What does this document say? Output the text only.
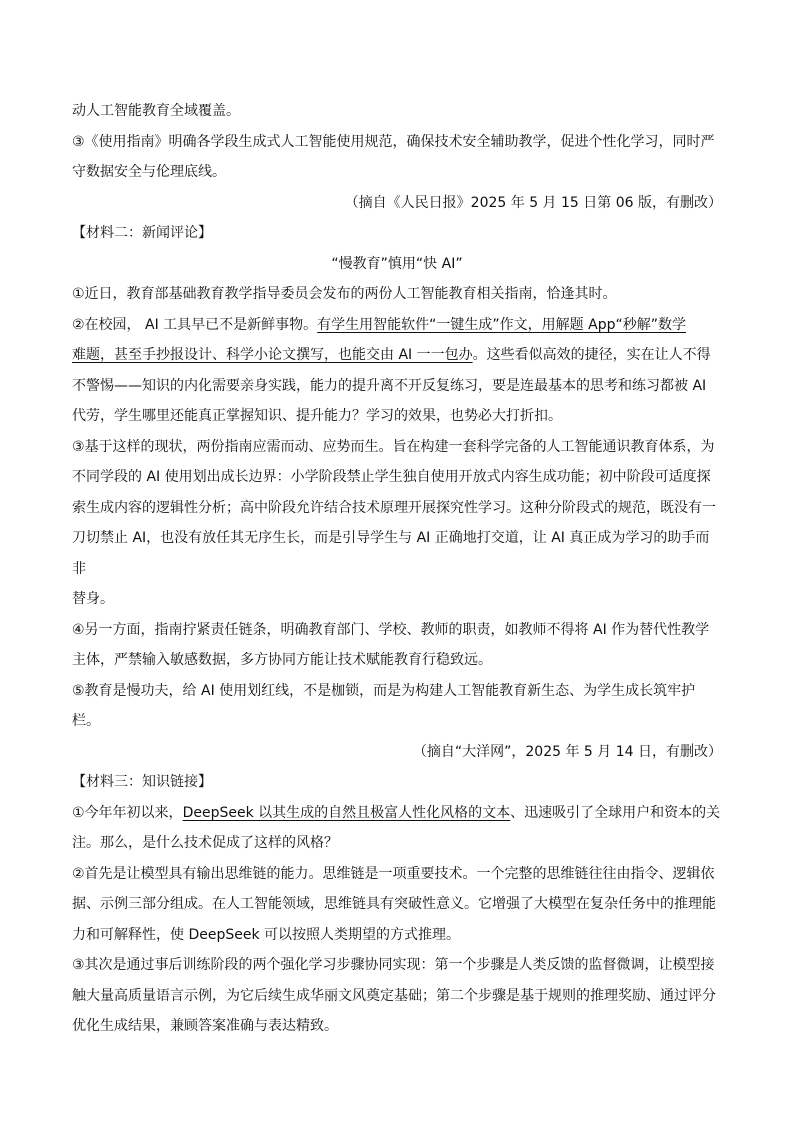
动人工智能教育全域覆盖。
③《使用指南》明确各学段生成式人工智能使用规范，确保技术安全辅助教学，促进个性化学习，同时严
守数据安全与伦理底线。
（摘自《人民日报》2025 年 5 月 15 日第 06 版，有删改）
【材料二：新闻评论】
“慢教育”慎用“快 AI”
①近日，教育部基础教育教学指导委员会发布的两份人工智能教育相关指南，恰逢其时。
②在校园， AI 工具早已不是新鲜事物。有学生用智能软件“一键生成”作文，用解题 App“秒解”数学
难题，甚至手抄报设计、科学小论文撰写，也能交由 AI 一一包办。这些看似高效的捷径，实在让人不得
不警惕——知识的内化需要亲身实践，能力的提升离不开反复练习，要是连最基本的思考和练习都被 AI
代劳，学生哪里还能真正掌握知识、提升能力？学习的效果，也势必大打折扣。
③基于这样的现状，两份指南应需而动、应势而生。旨在构建一套科学完备的人工智能通识教育体系，为
不同学段的 AI 使用划出成长边界：小学阶段禁止学生独自使用开放式内容生成功能；初中阶段可适度探
索生成内容的逻辑性分析；高中阶段允许结合技术原理开展探究性学习。这种分阶段式的规范，既没有一
刀切禁止 AI，也没有放任其无序生长，而是引导学生与 AI 正确地打交道，让 AI 真正成为学习的助手而非
替身。
④另一方面，指南拧紧责任链条，明确教育部门、学校、教师的职责，如教师不得将 AI 作为替代性教学
主体，严禁输入敏感数据，多方协同方能让技术赋能教育行稳致远。
⑤教育是慢功夫，给 AI 使用划红线，不是枷锁，而是为构建人工智能教育新生态、为学生成长筑牢护
栏。
（摘自“大洋网”，2025 年 5 月 14 日，有删改）
【材料三：知识链接】
①今年年初以来，DeepSeek 以其生成的自然且极富人性化风格的文本、迅速吸引了全球用户和资本的关
注。那么，是什么技术促成了这样的风格？
②首先是让模型具有输出思维链的能力。思维链是一项重要技术。一个完整的思维链往往由指令、逻辑依
据、示例三部分组成。在人工智能领域，思维链具有突破性意义。它增强了大模型在复杂任务中的推理能
力和可解释性，使 DeepSeek 可以按照人类期望的方式推理。
③其次是通过事后训练阶段的两个强化学习步骤协同实现：第一个步骤是人类反馈的监督微调，让模型接
触大量高质量语言示例，为它后续生成华丽文风奠定基础；第二个步骤是基于规则的推理奖励、通过评分
优化生成结果，兼顾答案准确与表达精致。
